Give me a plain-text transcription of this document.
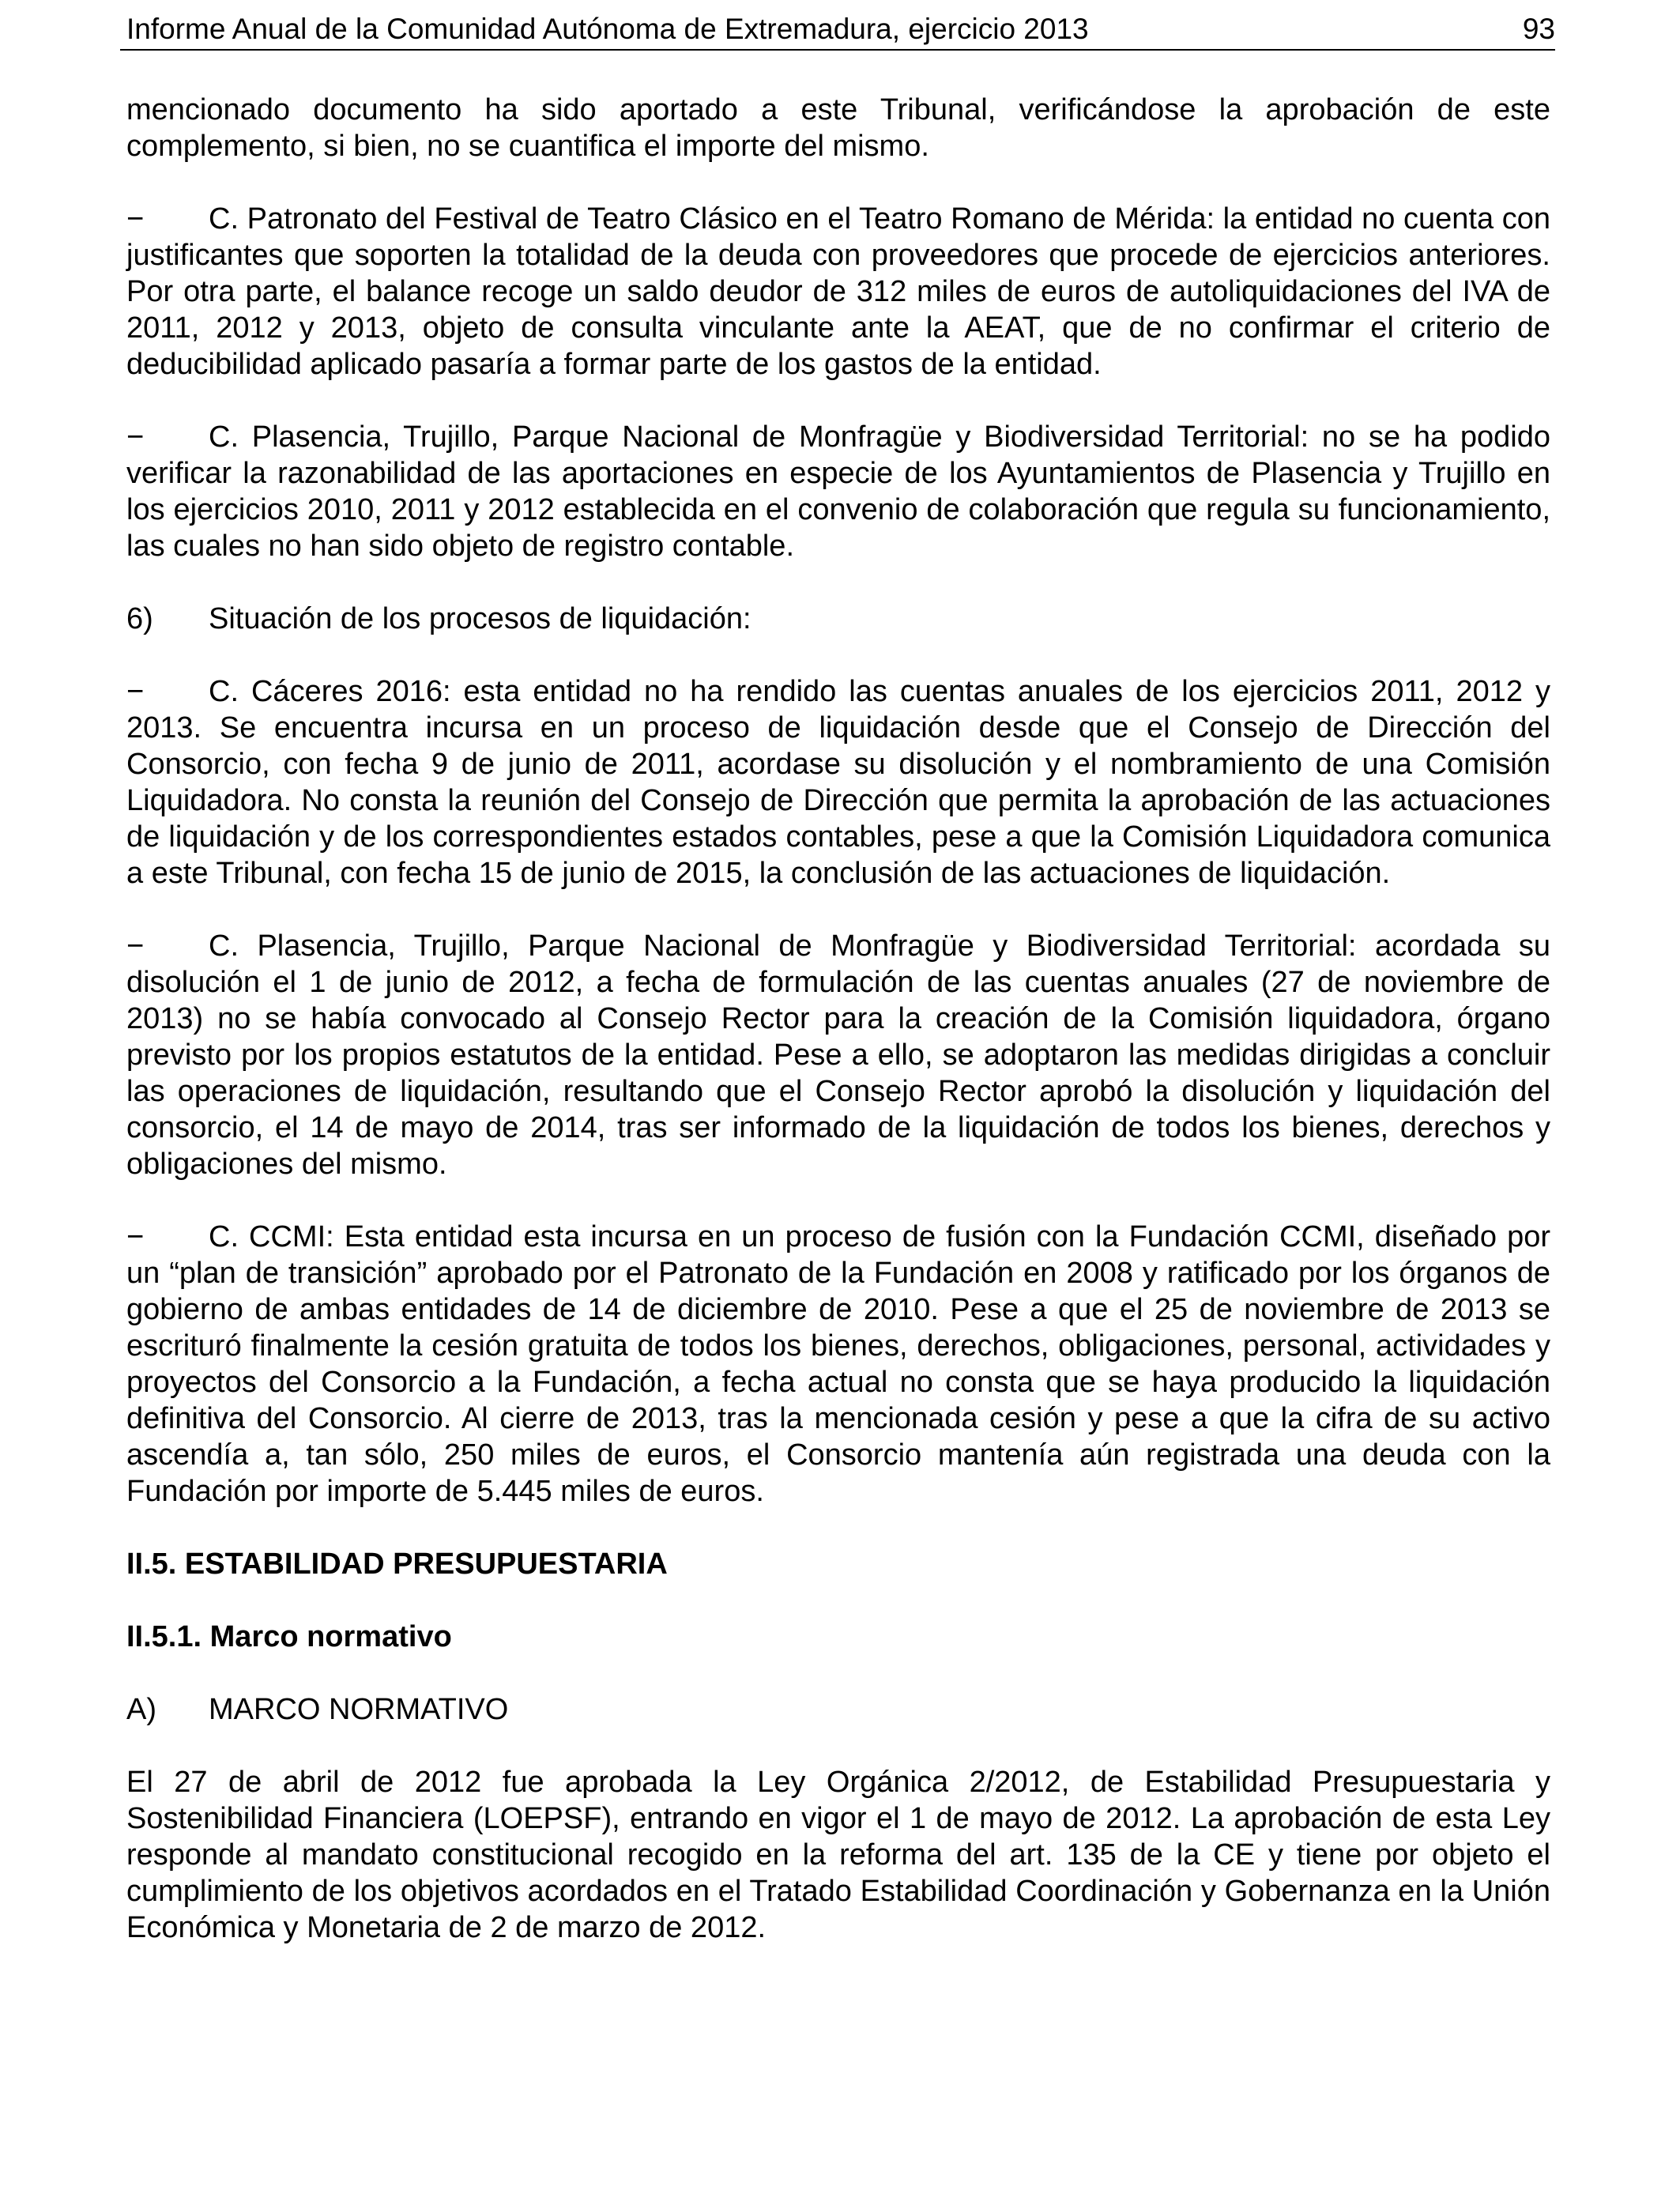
Informe Anual de la Comunidad Autónoma de Extremadura, ejercicio 2013	93

mencionado documento ha sido aportado a este Tribunal, verificándose la aprobación de este complemento, si bien, no se cuantifica el importe del mismo.

− C. Patronato del Festival de Teatro Clásico en el Teatro Romano de Mérida: la entidad no cuenta con justificantes que soporten la totalidad de la deuda con proveedores que procede de ejercicios anteriores. Por otra parte, el balance recoge un saldo deudor de 312 miles de euros de autoliquidaciones del IVA de 2011, 2012 y 2013, objeto de consulta vinculante ante la AEAT, que de no confirmar el criterio de deducibilidad aplicado pasaría a formar parte de los gastos de la entidad.

− C. Plasencia, Trujillo, Parque Nacional de Monfragüe y Biodiversidad Territorial: no se ha podido verificar la razonabilidad de las aportaciones en especie de los Ayuntamientos de Plasencia y Trujillo en los ejercicios 2010, 2011 y 2012 establecida en el convenio de colaboración que regula su funcionamiento, las cuales no han sido objeto de registro contable.

6) Situación de los procesos de liquidación:

− C. Cáceres 2016: esta entidad no ha rendido las cuentas anuales de los ejercicios 2011, 2012 y 2013. Se encuentra incursa en un proceso de liquidación desde que el Consejo de Dirección del Consorcio, con fecha 9 de junio de 2011, acordase su disolución y el nombramiento de una Comisión Liquidadora. No consta la reunión del Consejo de Dirección que permita la aprobación de las actuaciones de liquidación y de los correspondientes estados contables, pese a que la Comisión Liquidadora comunica a este Tribunal, con fecha 15 de junio de 2015, la conclusión de las actuaciones de liquidación.

− C. Plasencia, Trujillo, Parque Nacional de Monfragüe y Biodiversidad Territorial: acordada su disolución el 1 de junio de 2012, a fecha de formulación de las cuentas anuales (27 de noviembre de 2013) no se había convocado al Consejo Rector para la creación de la Comisión liquidadora, órgano previsto por los propios estatutos de la entidad. Pese a ello, se adoptaron las medidas dirigidas a concluir las operaciones de liquidación, resultando que el Consejo Rector aprobó la disolución y liquidación del consorcio, el 14 de mayo de 2014, tras ser informado de la liquidación de todos los bienes, derechos y obligaciones del mismo.

− C. CCMI: Esta entidad esta incursa en un proceso de fusión con la Fundación CCMI, diseñado por un “plan de transición” aprobado por el Patronato de la Fundación en 2008 y ratificado por los órganos de gobierno de ambas entidades de 14 de diciembre de 2010. Pese a que el 25 de noviembre de 2013 se escrituró finalmente la cesión gratuita de todos los bienes, derechos, obligaciones, personal, actividades y proyectos del Consorcio a la Fundación, a fecha actual no consta que se haya producido la liquidación definitiva del Consorcio. Al cierre de 2013, tras la mencionada cesión y pese a que la cifra de su activo ascendía a, tan sólo, 250 miles de euros, el Consorcio mantenía aún registrada una deuda con la Fundación por importe de 5.445 miles de euros.

II.5. ESTABILIDAD PRESUPUESTARIA
II.5.1. Marco normativo
A) MARCO NORMATIVO

El 27 de abril de 2012 fue aprobada la Ley Orgánica 2/2012, de Estabilidad Presupuestaria y Sostenibilidad Financiera (LOEPSF), entrando en vigor el 1 de mayo de 2012. La aprobación de esta Ley responde al mandato constitucional recogido en la reforma del art. 135 de la CE y tiene por objeto el cumplimiento de los objetivos acordados en el Tratado Estabilidad Coordinación y Gobernanza en la Unión Económica y Monetaria de 2 de marzo de 2012.
